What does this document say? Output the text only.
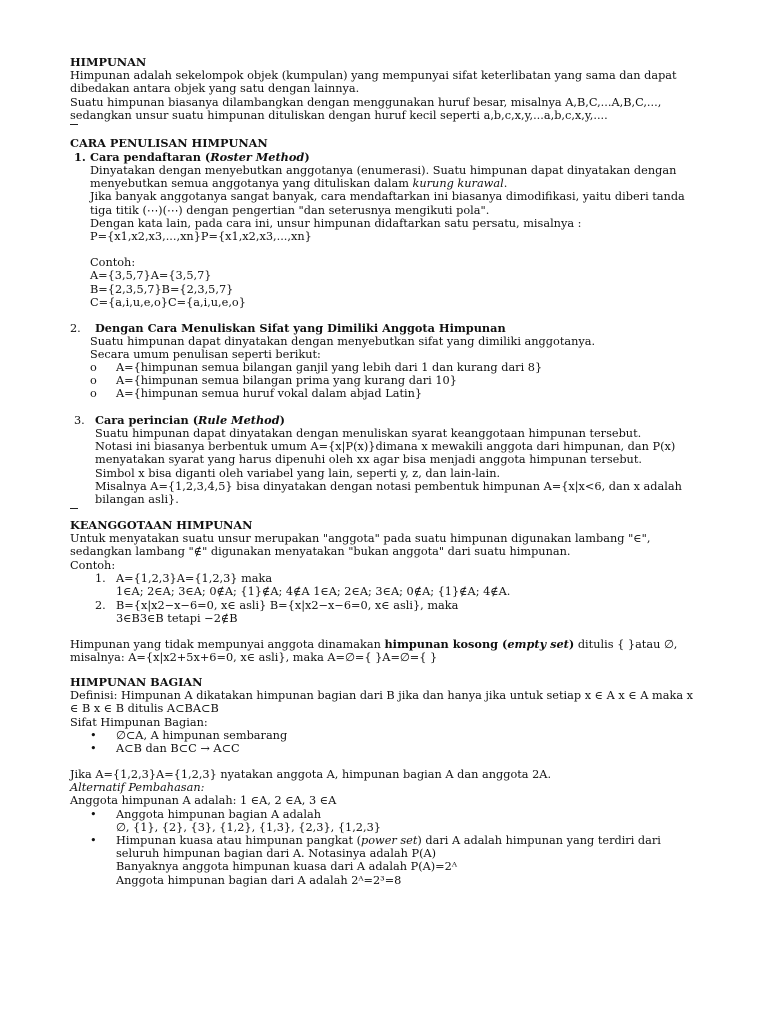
HIMPUNAN

Himpunan adalah sekelompok objek (kumpulan) yang mempunyai sifat keterlibatan yang sama dan dapat

dibedakan antara objek yang satu dengan lainnya.

Suatu himpunan biasanya dilambangkan dengan menggunakan huruf besar, misalnya A,B,C,...A,B,C,...,

sedangkan unsur suatu himpunan dituliskan dengan huruf kecil seperti a,b,c,x,y,...a,b,c,x,y,....

CARA PENULISAN HIMPUNAN

1. Cara pendaftaran (Roster Method)

Dinyatakan dengan menyebutkan anggotanya (enumerasi). Suatu himpunan dapat dinyatakan dengan

menyebutkan semua anggotanya yang dituliskan dalam kurung kurawal.

Jika banyak anggotanya sangat banyak, cara mendaftarkan ini biasanya dimodifikasi, yaitu diberi tanda

tiga titik (⋯)(⋯) dengan pengertian "dan seterusnya mengikuti pola".

Dengan kata lain, pada cara ini, unsur himpunan didaftarkan satu persatu, misalnya :

P={x1,x2,x3,...,xn}P={x1,x2,x3,...,xn}

Contoh:

A={3,5,7}A={3,5,7}

B={2,3,5,7}B={2,3,5,7}

C={a,i,u,e,o}C={a,i,u,e,o}

2. Dengan Cara Menuliskan Sifat yang Dimiliki Anggota Himpunan

Suatu himpunan dapat dinyatakan dengan menyebutkan sifat yang dimiliki anggotanya.

Secara umum penulisan seperti berikut:

o A={himpunan semua bilangan ganjil yang lebih dari 1 dan kurang dari 8}

o A={himpunan semua bilangan prima yang kurang dari 10}

o A={himpunan semua huruf vokal dalam abjad Latin}

3. Cara perincian (Rule Method)

Suatu himpunan dapat dinyatakan dengan menuliskan syarat keanggotaan himpunan tersebut.

Notasi ini biasanya berbentuk umum A={x|P(x)}dimana x mewakili anggota dari himpunan, dan P(x)

menyatakan syarat yang harus dipenuhi oleh xx agar bisa menjadi anggota himpunan tersebut.

Simbol x bisa diganti oleh variabel yang lain, seperti y, z, dan lain-lain.

Misalnya A={1,2,3,4,5} bisa dinyatakan dengan notasi pembentuk himpunan A={x|x<6, dan x adalah

bilangan asli}.

KEANGGOTAAN HIMPUNAN

Untuk menyatakan suatu unsur merupakan "anggota" pada suatu himpunan digunakan lambang "∈",

sedangkan lambang "∉" digunakan menyatakan "bukan anggota" dari suatu himpunan.

Contoh:

1. A={1,2,3}A={1,2,3} maka

1∈A; 2∈A; 3∈A; 0∉A; {1}∉A; 4∉A 1∈A; 2∈A; 3∈A; 0∉A; {1}∉A; 4∉A.

2. B={x|x2−x−6=0, x∈ asli} B={x|x2−x−6=0, x∈ asli}, maka

3∈B3∈B tetapi −2∉B

Himpunan yang tidak mempunyai anggota dinamakan himpunan kosong (empty set) ditulis { }atau ∅,

misalnya: A={x|x2+5x+6=0, x∈ asli}, maka A=∅={ }A=∅={ }

HIMPUNAN BAGIAN

Definisi: Himpunan A dikatakan himpunan bagian dari B jika dan hanya jika untuk setiap x ∈ A x ∈ A maka x

∈ B x ∈ B ditulis A⊂BA⊂B

Sifat Himpunan Bagian:

• ∅⊂A, A himpunan sembarang

• A⊂B dan B⊂C → A⊂C

Jika A={1,2,3}A={1,2,3} nyatakan anggota A, himpunan bagian A dan anggota 2A.

Alternatif Pembahasan:

Anggota himpunan A adalah: 1 ∈A, 2 ∈A, 3 ∈A

• Anggota himpunan bagian A adalah

∅, {1}, {2}, {3}, {1,2}, {1,3}, {2,3}, {1,2,3}

• Himpunan kuasa atau himpunan pangkat (power set) dari A adalah himpunan yang terdiri dari

seluruh himpunan bagian dari A. Notasinya adalah P(A)

Banyaknya anggota himpunan kuasa dari A adalah P(A)=2ᴬ

Anggota himpunan bagian dari A adalah 2ᴬ=2³=8
